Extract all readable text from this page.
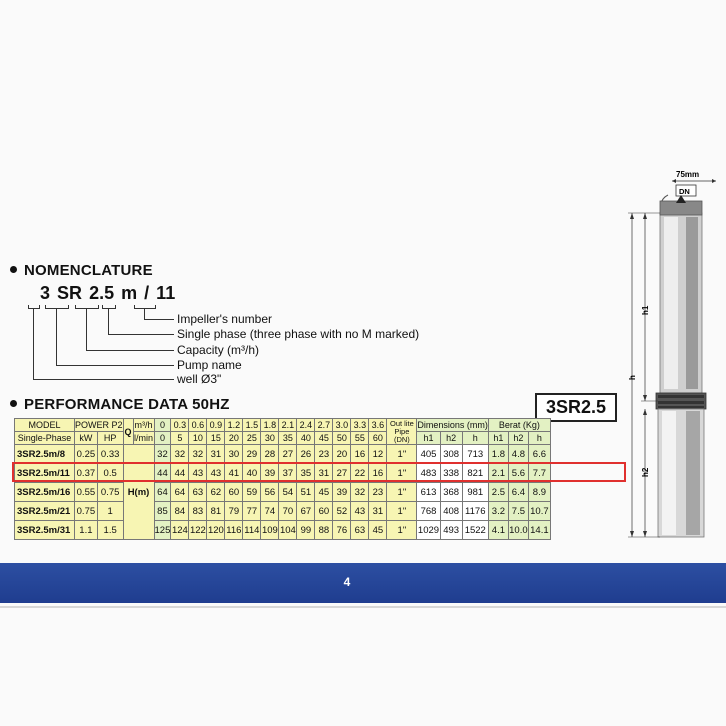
NOMENCLATURE
3 SR 2.5 m / 11
Impeller's number
Single phase (three phase with no M marked)
Capacity (m³/h)
Pump name
well Ø3"
PERFORMANCE DATA 50HZ	3SR2.5
MODEL	POWER P2		Q	m³/h	0	0.3	0.6	0.9	1.2	1.5	1.8	2.1	2.4	2.7	3.0	3.3	3.6	Out lite Pipe (DN)	Dimensions (mm)			Berat (Kg)		
Single-Phase	kW	HP		l/min	0	5	10	15	20	25	30	35	40	45	50	55	60		h1	h2	h	h1	h2	h
3SR2.5m/8	0.25	0.33	H(m)		32	32	32	31	30	29	28	27	26	23	20	16	12	1"	405	308	713	1.8	4.8	6.6
3SR2.5m/11	0.37	0.5			44	44	43	43	41	40	39	37	35	31	27	22	16	1"	483	338	821	2.1	5.6	7.7
3SR2.5m/16	0.55	0.75			64	64	63	62	60	59	56	54	51	45	39	32	23	1"	613	368	981	2.5	6.4	8.9
3SR2.5m/21	0.75	1			85	84	83	81	79	77	74	70	67	60	52	43	31	1"	768	408	1176	3.2	7.5	10.7
3SR2.5m/31	1.1	1.5			125	124	122	120	116	114	109	104	99	88	76	63	45	1"	1029	493	1522	4.1	10.0	14.1
75mm
DN
h1
h
h2
4
